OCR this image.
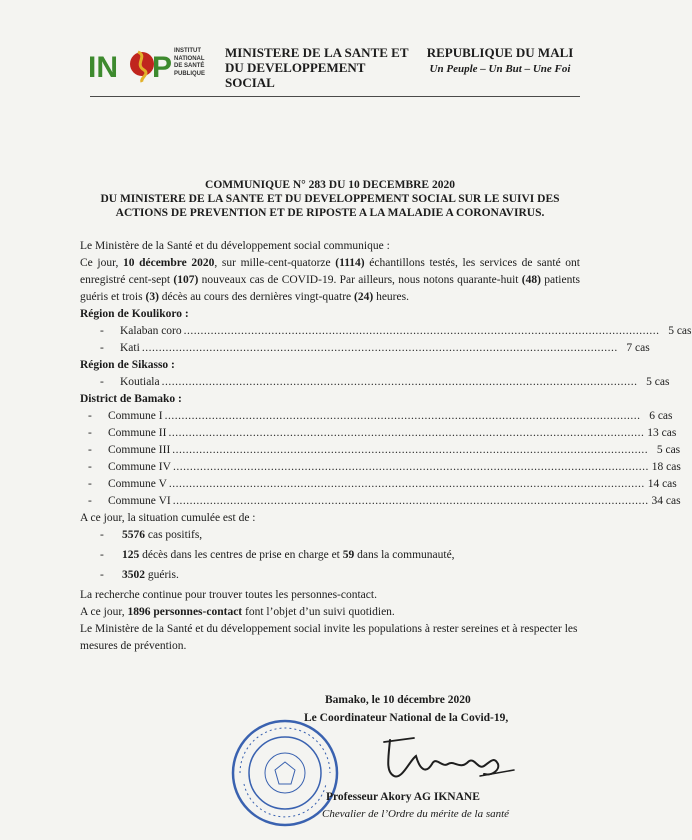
IN P INSTITUT
NATIONAL
DE SANTÉ
PUBLIQUE
MINISTERE DE LA SANTE ET
DU DEVELOPPEMENT SOCIAL
REPUBLIQUE DU MALI
Un Peuple – Un But – Une Foi
COMMUNIQUE N° 283 DU 10 DECEMBRE 2020
DU MINISTERE DE LA SANTE ET DU DEVELOPPEMENT SOCIAL SUR LE SUIVI DES
ACTIONS DE PREVENTION ET DE RIPOSTE A LA MALADIE A CORONAVIRUS.

Le Ministère de la Santé et du développement social communique :

Ce jour, 10 décembre 2020, sur mille-cent-quatorze (1114) échantillons testés, les services de santé ont enregistré cent-sept (107) nouveaux cas de COVID-19. Par ailleurs, nous notons quarante-huit (48) patients guéris et trois (3) décès au cours des dernières vingt-quatre (24) heures.

Région de Koulikoro :

-	Kalaban coro ............................................................................................................................................. 5 cas
-	Kati ............................................................................................................................................. 7 cas

Région de Sikasso :

-	Koutiala ............................................................................................................................................. 5 cas

District de Bamako :

-	Commune I ............................................................................................................................................. 6 cas
-	Commune II ............................................................................................................................................. 13 cas
-	Commune III ............................................................................................................................................. 5 cas
-	Commune IV ............................................................................................................................................. 18 cas
-	Commune V ............................................................................................................................................. 14 cas
-	Commune VI ............................................................................................................................................. 34 cas

A ce jour, la situation cumulée est de :

-	5576 cas positifs,
-	125 décès dans les centres de prise en charge et 59 dans la communauté,
-	3502 guéris.

La recherche continue pour trouver toutes les personnes-contact.

A ce jour, 1896 personnes-contact font l’objet d’un suivi quotidien.

Le Ministère de la Santé et du développement social invite les populations à rester sereines et à respecter les mesures de prévention.

Bamako, le 10 décembre 2020
Le Coordinateur National de la Covid-19,
Professeur Akory AG IKNANE
Chevalier de l’Ordre du mérite de la santé
